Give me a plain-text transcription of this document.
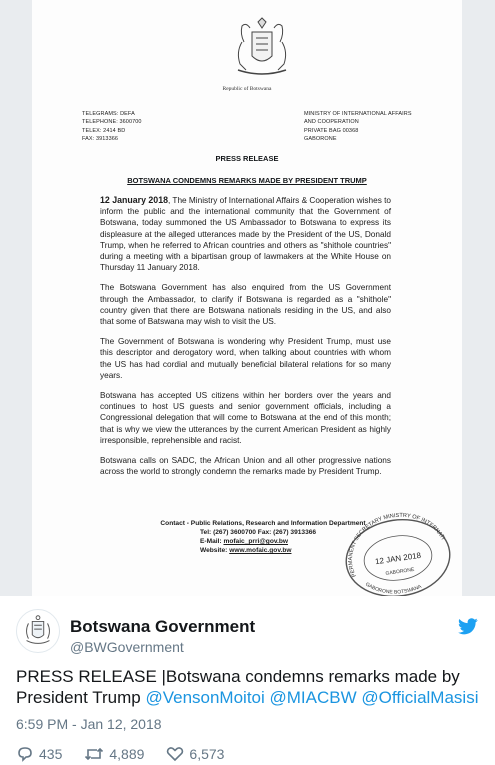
Republic of Botswana
TELEGRAMS: DEFA
TELEPHONE: 3600700
TELEX: 2414 BD
FAX: 3913366
MINISTRY OF INTERNATIONAL AFFAIRS
AND COOPERATION
PRIVATE BAG 00368
GABORONE
PRESS RELEASE
BOTSWANA CONDEMNS REMARKS MADE BY PRESIDENT TRUMP

12 January 2018, The Ministry of International Affairs & Cooperation wishes to inform the public and the international community that the Government of Botswana, today summoned the US Ambassador to Botswana to express its displeasure at the alleged utterances made by the President of the US, Donald Trump, when he referred to African countries and others as "shithole countries" during a meeting with a bipartisan group of lawmakers at the White House on Thursday 11 January 2018.

The Botswana Government has also enquired from the US Government through the Ambassador, to clarify if Botswana is regarded as a "shithole" country given that there are Botswana nationals residing in the US, and also that some of Batswana may wish to visit the US.

The Government of Botswana is wondering why President Trump, must use this descriptor and derogatory word, when talking about countries with whom the US has had cordial and mutually beneficial bilateral relations for so many years.

Botswana has accepted US citizens within her borders over the years and continues to host US guests and senior government officials, including a Congressional delegation that will come to Botswana at the end of this month; that is why we view the utterances by the current American President as highly irresponsible, reprehensible and racist.

Botswana calls on SADC, the African Union and all other progressive nations across the world to strongly condemn the remarks made by President Trump.

Contact - Public Relations, Research and Information Department
Tel: (267) 3600700 Fax: (267) 3913366
E-Mail: mofaic_prri@gov.bw
Website: www.mofaic.gov.bw
PERMANENT SECRETARY MINISTRY OF INTERNATIONAL
12 JAN 2018
GABORONE
GABORONE BOTSWANA
Botswana Government
@BWGovernment
PRESS RELEASE |Botswana condemns remarks made by President Trump @VensonMoitoi @MIACBW @OfficialMasisi
6:59 PM - Jan 12, 2018
435	4,889	6,573
